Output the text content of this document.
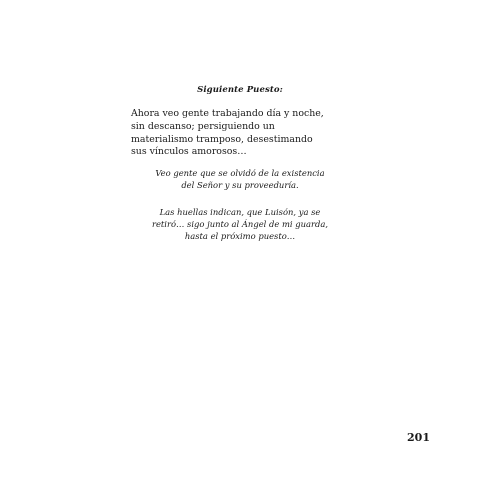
Siguiente Puesto:
Ahora veo gente trabajando día y noche,
sin descanso; persiguiendo un
materialismo tramposo, desestimando
sus vínculos amorosos…
Veo gente que se olvidó de la existencia
del Señor y su proveeduría.
Las huellas indican, que Luisón, ya se
retiró… sigo junto al Ángel de mi guarda,
hasta el próximo puesto…
201
